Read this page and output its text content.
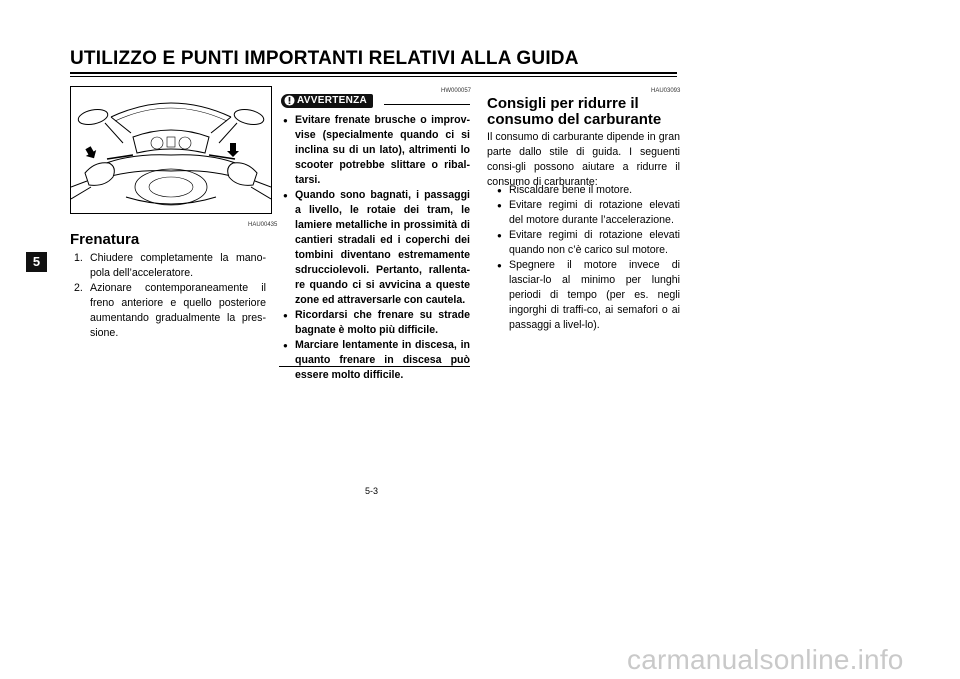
UTILIZZO E PUNTI IMPORTANTI RELATIVI ALLA GUIDA
5
HAU00435
Frenatura
1. Chiudere completamente la mano-pola dell’acceleratore.
2. Azionare contemporaneamente il freno anteriore e quello posteriore aumentando gradualmente la pres-sione.
AVVERTENZA
HW000057
● Evitare frenate brusche o improv-vise (specialmente quando ci si inclina su di un lato), altrimenti lo scooter potrebbe slittare o ribal-tarsi.
● Quando sono bagnati, i passaggi a livello, le rotaie dei tram, le lamiere metalliche in prossimità di cantieri stradali ed i coperchi dei tombini diventano estremamente sdrucciolevoli. Pertanto, rallenta-re quando ci si avvicina a queste zone ed attraversarle con cautela.
● Ricordarsi che frenare su strade bagnate è molto più difficile.
● Marciare lentamente in discesa, in quanto frenare in discesa può essere molto difficile.
HAU03093
Consigli per ridurre il consumo del carburante
Il consumo di carburante dipende in gran parte dallo stile di guida. I seguenti consi-gli possono aiutare a ridurre il consumo di carburante:
● Riscaldare bene il motore.
● Evitare regimi di rotazione elevati del motore durante l’accelerazione.
● Evitare regimi di rotazione elevati quando non c’è carico sul motore.
● Spegnere il motore invece di lasciar-lo al minimo per lunghi periodi di tempo (per es. negli ingorghi di traffi-co, ai semafori o ai passaggi a livel-lo).
5-3
carmanualsonline.info
